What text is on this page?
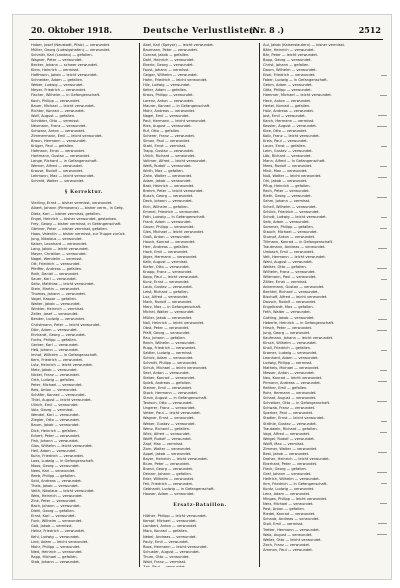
20. Oktober 1918.	Deutsche Verlustlisten.
(Nr. 8 .)	2512
Huber, Josef (Neustadt, Pfalz) — verwundet.
Müller, Georg (Ludwigshafen) — verwundet.
Schmitt, Karl (Landau) — gefallen.
Wagner, Peter — verwundet.
Becker, Johann — schwer verwundet.
Klein, Heinrich — vermisst.
Hoffmann, Jakob — leicht verwundet.
Schneider, Adam — gefallen.
Weber, Ludwig — verwundet.
Meyer, Friedrich — verwundet.
Fischer, Wilhelm — in Gefangenschaft.
Koch, Philipp — verwundet.
Bauer, Michael — leicht verwundet.
Richter, Konrad — verwundet.
Wolf, August — gefallen.
Schröder, Otto — vermisst.
Neumann, Franz — verwundet.
Schwarz, Anton — verwundet.
Zimmermann, Emil — leicht verwundet.
Braun, Hermann — verwundet.
Krüger, Paul — gefallen.
Hofmann, Ernst — verwundet.
Hartmann, Gustav — verwundet.
Lange, Richard — in Gefangenschaft.
Werner, Alfred — verwundet.
Krause, Rudolf — verwundet.
Lehmann, Max — leicht verwundet.
Schmid, Walter — verwundet.

§ Korrektur.

Vierling, Ernst — bisher vermisst, verwundet.
Albert, Johann (Pirmasens) — bisher verm., in Gefg.
Dietz, Karl — bisher vermisst, gefallen.
Engel, Heinrich — bisher verwundet, gestorben.
Frey, Georg — bisher vermisst, in Gefangenschaft.
Gärtner, Peter — bisher vermisst, gefallen.
Haas, Valentin — bisher vermisst, zur Truppe zurück.
Jung, Nikolaus — verwundet.
Kaiser, Leonhard — verwundet.
Lang, Jakob — leicht verwundet.
Mayer, Christian — verwundet.
Nagel, Wendelin — vermisst.
Ott, Friedrich — verwundet.
Pfeiffer, Andreas — gefallen.
Roth, Daniel — verwundet.
Sauer, Karl — verwundet.
Seitz, Matthias — leicht verwundet.
Stein, Martin — verwundet.
Thomas, Johann — verwundet.
Vogel, Kaspar — gefallen.
Walter, Jakob — verwundet.
Winkler, Heinrich — vermisst.
Zeller, Josef — verwundet.
Bender, Ludwig — verwundet.
Christmann, Peter — leicht verwundet.
Dörr, Adam — verwundet.
Ehrhardt, Georg — verwundet.
Fuchs, Philipp — gefallen.
Gerber, Karl — verwundet.
Heß, Johann — verwundet.
Imhof, Wilhelm — in Gefangenschaft.
Kern, Friedrich — verwundet.
Lutz, Heinrich — leicht verwundet.
Metz, Jakob — verwundet.
Nickel, Franz — verwundet.
Orth, Ludwig — gefallen.
Peter, Michael — verwundet.
Reis, Anton — verwundet.
Schäfer, Konrad — verwundet.
Thiel, August — leicht verwundet.
Ullrich, Emil — verwundet.
Volz, Georg — vermisst.
Wendel, Karl — verwundet.
Ziegler, Otto — verwundet.
Baum, Jakob — verwundet.
Dick, Heinrich — gefallen.
Eckert, Peter — verwundet.
Fink, Johann — verwundet.
Glas, Wilhelm — leicht verwundet.
Heil, Adam — verwundet.
Kuhn, Friedrich — verwundet.
Loos, Ludwig — in Gefangenschaft.
Moos, Georg — verwundet.
Nees, Karl — verwundet.
Reeb, Philipp — gefallen.
Sold, Andreas — verwundet.
Theis, Jakob — verwundet.
Veith, Nikolaus — leicht verwundet.
Weis, Heinrich — verwundet.
Zink, Peter — verwundet.
Bach, Johann — verwundet.
Diehl, Georg — gefallen.
Ernst, Karl — verwundet.
Funk, Wilhelm — verwundet.
Gaß, Jakob — vermisst.
Heinz, Friedrich — verwundet.
Kehl, Ludwig — verwundet.
Lind, Adam — leicht verwundet.
Mohr, Philipp — verwundet.
Nied, Heinrich — verwundet.
Rapp, Michael — gefallen.
Stab, Johann — verwundet.
Abel, Karl (Speyer) — leicht verwundet.
Baumann, Peter — verwundet.
Conrad, Jakob — gefallen.
Dahl, Heinrich — verwundet.
Eberle, Georg — verwundet.
Faust, Johann — vermisst.
Geiger, Wilhelm — verwundet.
Hahn, Friedrich — leicht verwundet.
Hilz, Ludwig — verwundet.
Keller, Adam — gefallen.
Kraus, Philipp — verwundet.
Lorenz, Anton — verwundet.
Maurer, Konrad — in Gefangenschaft.
Mohr, Andreas — verwundet.
Nagel, Emil — verwundet.
Paul, Hermann — leicht verwundet.
Ries, August — verwundet.
Ruf, Otto — gefallen.
Scherer, Franz — verwundet.
Simon, Paul — verwundet.
Stahl, Ernst — vermisst.
Trapp, Gustav — verwundet.
Ulrich, Richard — verwundet.
Vollmer, Alfred — leicht verwundet.
Weiß, Rudolf — verwundet.
Wirth, Max — gefallen.
Zahn, Walter — verwundet.
Adam, Jakob — verwundet.
Bast, Heinrich — verwundet.
Brehm, Peter — leicht verwundet.
Busch, Georg — verwundet.
Deck, Johann — verwundet.
Eich, Wilhelm — gefallen.
Emmel, Friedrich — verwundet.
Fath, Ludwig — in Gefangenschaft.
Frank, Adam — verwundet.
Gauer, Philipp — verwundet.
Gies, Michael — leicht verwundet.
Groß, Anton — verwundet.
Hauck, Konrad — verwundet.
Herr, Andreas — gefallen.
Hock, Emil — verwundet.
Jäger, Hermann — verwundet.
Kalb, August — vermisst.
Kiefer, Otto — verwundet.
Knapp, Franz — verwundet.
Kopp, Paul — leicht verwundet.
Kunz, Ernst — verwundet.
Laub, Gustav — verwundet.
Leist, Richard — gefallen.
Lux, Alfred — verwundet.
Mack, Rudolf — verwundet.
Merz, Max — in Gefangenschaft.
Michel, Walter — verwundet.
Müller, Jakob — verwundet.
Noll, Heinrich — leicht verwundet.
Obst, Peter — verwundet.
Pfaff, Georg — verwundet.
Rau, Johann — gefallen.
Reich, Wilhelm — verwundet.
Rupp, Friedrich — verwundet.
Sattler, Ludwig — vermisst.
Schick, Adam — verwundet.
Schmitt, Philipp — verwundet.
Schuh, Michael — leicht verwundet.
Seel, Anton — verwundet.
Sieber, Konrad — verwundet.
Spieß, Andreas — gefallen.
Steiner, Emil — verwundet.
Stock, Hermann — verwundet.
Strub, August — in Gefangenschaft.
Teutsch, Otto — verwundet.
Ungerer, Franz — verwundet.
Vetter, Paul — leicht verwundet.
Wagner, Ernst — verwundet.
Weber, Gustav — verwundet.
Wenz, Richard — gefallen.
Wick, Alfred — verwundet.
Wolff, Rudolf — verwundet.
Zapf, Max — vermisst.
Zorn, Walter — verwundet.
Appel, Jakob — verwundet.
Bayer, Heinrich — leicht verwundet.
Blum, Peter — verwundet.
Brand, Georg — verwundet.
Denzer, Johann — gefallen.
Eder, Wilhelm — verwundet.
Feil, Friedrich — verwundet.
Gebhardt, Ludwig — in Gefangenschaft.
Hauser, Adam — verwundet.

Ersatz-Bataillon.

Hüther, Philipp — leicht verwundet.
Kempf, Michael — verwundet.
Lambert, Anton — verwundet.
Marx, Konrad — gefallen.
Nebel, Andreas — verwundet.
Pauly, Emil — verwundet.
Roos, Hermann — leicht verwundet.
Schuster, August — verwundet.
Thum, Otto — verwundet.
Wald, Franz — vermisst.
Zeh, Paul — verwundet.
Aul, Jakob (Kaiserslautern) — bisher vermisst.
Bähr, Heinrich — verwundet.
Bär, Peter — leicht verwundet.
Bopp, Georg — verwundet.
Christ, Johann — gefallen.
Daum, Wilhelm — verwundet.
Eisel, Friedrich — verwundet.
Faber, Ludwig — in Gefangenschaft.
Gehm, Adam — verwundet.
Götz, Philipp — verwundet.
Hammer, Michael — leicht verwundet.
Heck, Anton — verwundet.
Hertel, Konrad — gefallen.
Holz, Andreas — verwundet.
Jost, Emil — verwundet.
Karch, Hermann — vermisst.
Kessler, August — verwundet.
Klee, Otto — verwundet.
Kolb, Franz — leicht verwundet.
Kreis, Paul — verwundet.
Lauer, Ernst — gefallen.
Leim, Gustav — verwundet.
Löb, Richard — verwundet.
Mann, Alfred — in Gefangenschaft.
Mees, Rudolf — verwundet.
Mink, Max — verwundet.
Nuß, Walter — leicht verwundet.
Ohl, Jakob — verwundet.
Pflug, Heinrich — gefallen.
Rech, Peter — verwundet.
Rieth, Georg — verwundet.
Sahm, Johann — vermisst.
Schell, Wilhelm — verwundet.
Schlick, Friedrich — verwundet.
Schott, Ludwig — leicht verwundet.
Seib, Adam — verwundet.
Sommer, Philipp — gefallen.
Stauch, Michael — verwundet.
Stumpf, Anton — verwundet.
Tillmann, Konrad — in Gefangenschaft.
Trautmann, Andreas — verwundet.
Umbach, Emil — verwundet.
Veit, Hermann — leicht verwundet.
Wahl, August — verwundet.
Welker, Otto — gefallen.
Wilhelm, Franz — verwundet.
Wittmann, Paul — verwundet.
Zöller, Ernst — vermisst.
Ackermann, Gustav — verwundet.
Bechtel, Richard — verwundet.
Bischoff, Alfred — leicht verwundet.
Dausch, Rudolf — verwundet.
Engelhardt, Max — gefallen.
Feth, Walter — verwundet.
Gutting, Jakob — verwundet.
Heberle, Heinrich — in Gefangenschaft.
Hirsch, Peter — verwundet.
Jung, Georg — verwundet.
Kaufmann, Johann — leicht verwundet.
Kirsch, Wilhelm — verwundet.
Knoll, Friedrich — gefallen.
Kramer, Ludwig — verwundet.
Leonhard, Adam — verwundet.
Ludwig, Philipp — vermisst.
Matheis, Michael — verwundet.
Messer, Anton — verwundet.
Neu, Konrad — leicht verwundet.
Pirmann, Andreas — verwundet.
Reither, Emil — gefallen.
Rohr, Hermann — verwundet.
Schaaf, August — verwundet.
Schreiber, Otto — in Gefangenschaft.
Schwab, Franz — verwundet.
Sperber, Paul — verwundet.
Stadler, Ernst — leicht verwundet.
Ströhle, Gustav — verwundet.
Trautwein, Richard — gefallen.
Vogt, Alfred — verwundet.
Weigel, Rudolf — verwundet.
Wolff, Max — vermisst.
Zimmer, Walter — verwundet.
Best, Jakob — verwundet.
Dreher, Heinrich — leicht verwundet.
Eberhard, Peter — verwundet.
Fleck, Georg — gefallen.
Graf, Johann — verwundet.
Helfrich, Wilhelm — verwundet.
Ihm, Friedrich — in Gefangenschaft.
Kuntz, Ludwig — verwundet.
Lenz, Adam — verwundet.
Minges, Philipp — leicht verwundet.
Nerz, Michael — verwundet.
Post, Anton — gefallen.
Riedel, Konrad — verwundet.
Schaub, Andreas — verwundet.
Stoll, Emil — vermisst.
Tretter, Hermann — verwundet.
Walz, August — verwundet.
Weller, Otto — leicht verwundet.
Zech, Franz — verwundet.
Ammon, Paul — verwundet.
